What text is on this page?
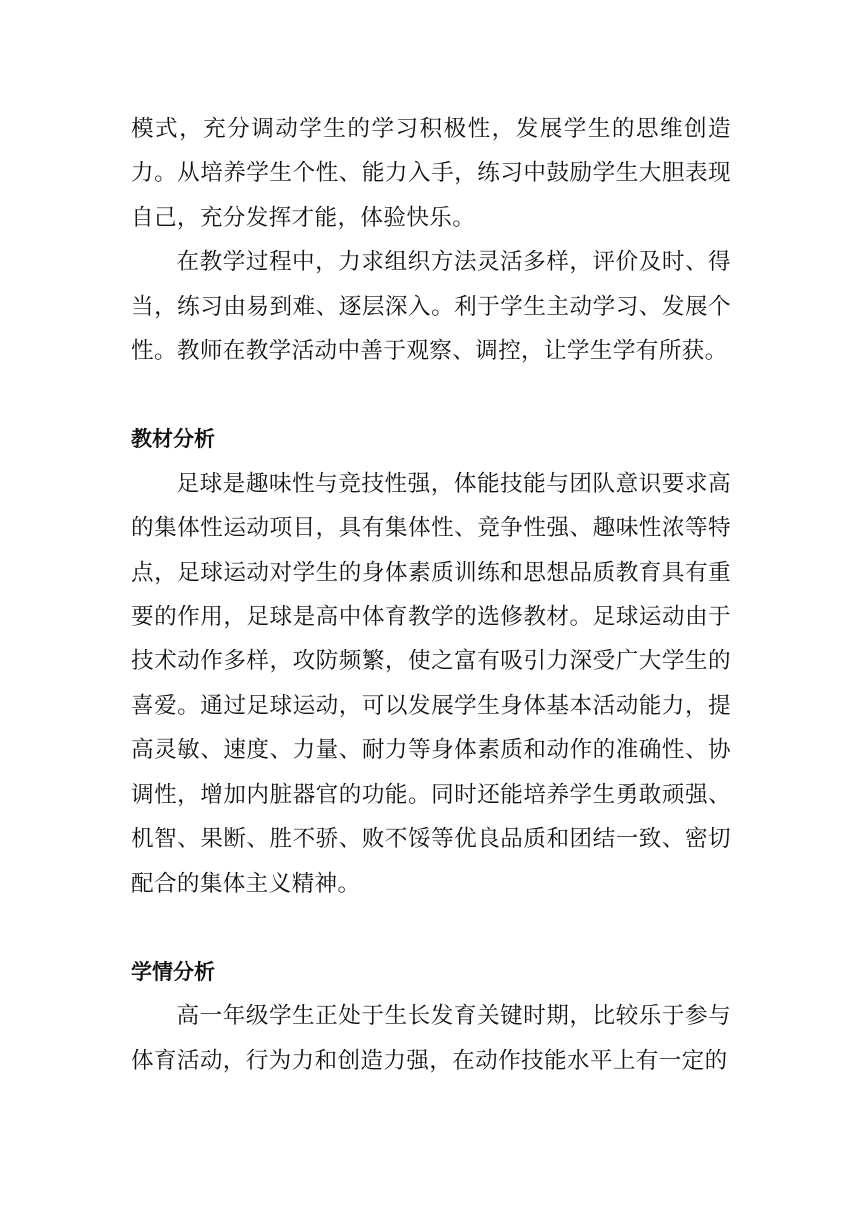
模式，充分调动学生的学习积极性，发展学生的思维创造力。从培养学生个性、能力入手，练习中鼓励学生大胆表现自己，充分发挥才能，体验快乐。

在教学过程中，力求组织方法灵活多样，评价及时、得当，练习由易到难、逐层深入。利于学生主动学习、发展个性。教师在教学活动中善于观察、调控，让学生学有所获。

教材分析

足球是趣味性与竞技性强，体能技能与团队意识要求高的集体性运动项目，具有集体性、竞争性强、趣味性浓等特点，足球运动对学生的身体素质训练和思想品质教育具有重要的作用，足球是高中体育教学的选修教材。足球运动由于技术动作多样，攻防频繁，使之富有吸引力深受广大学生的喜爱。通过足球运动，可以发展学生身体基本活动能力，提高灵敏、速度、力量、耐力等身体素质和动作的准确性、协调性，增加内脏器官的功能。同时还能培养学生勇敢顽强、机智、果断、胜不骄、败不馁等优良品质和团结一致、密切配合的集体主义精神。

学情分析

高一年级学生正处于生长发育关键时期，比较乐于参与体育活动，行为力和创造力强，在动作技能水平上有一定的
